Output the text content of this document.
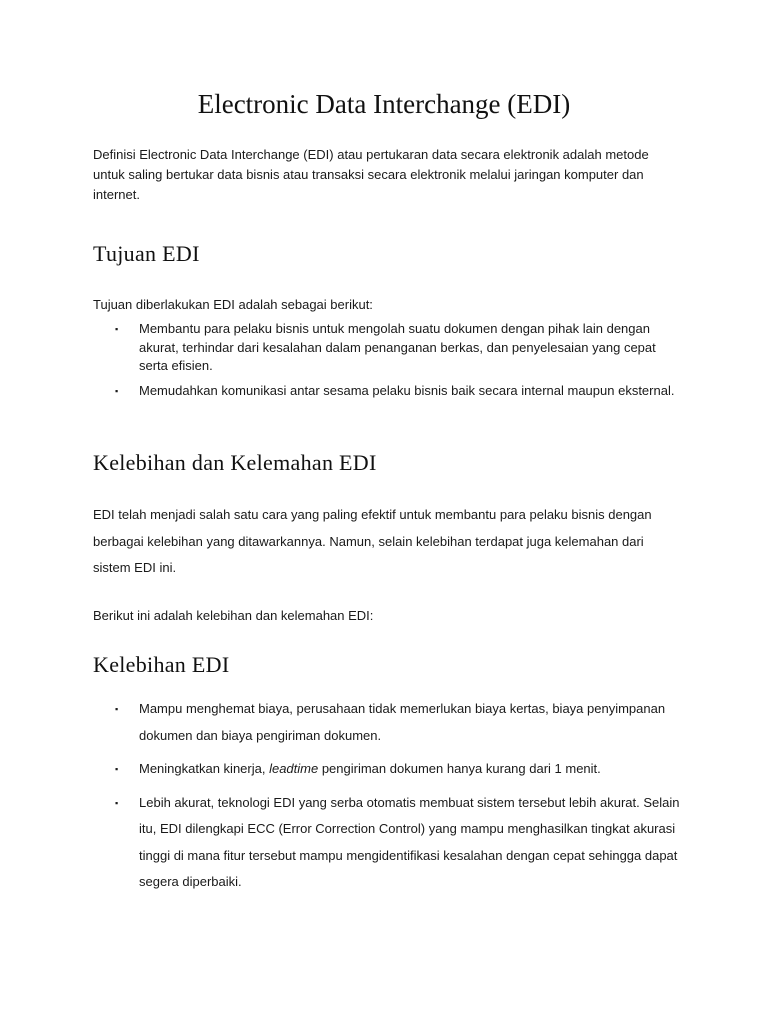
Electronic Data Interchange (EDI)

Definisi Electronic Data Interchange (EDI) atau pertukaran data secara elektronik adalah metode untuk saling bertukar data bisnis atau transaksi secara elektronik melalui jaringan komputer dan internet.

Tujuan EDI

Tujuan diberlakukan EDI adalah sebagai berikut:

▪ Membantu para pelaku bisnis untuk mengolah suatu dokumen dengan pihak lain dengan akurat, terhindar dari kesalahan dalam penanganan berkas, dan penyelesaian yang cepat serta efisien.
▪ Memudahkan komunikasi antar sesama pelaku bisnis baik secara internal maupun eksternal.
Kelebihan dan Kelemahan EDI

EDI telah menjadi salah satu cara yang paling efektif untuk membantu para pelaku bisnis dengan berbagai kelebihan yang ditawarkannya. Namun, selain kelebihan terdapat juga kelemahan dari sistem EDI ini.

Berikut ini adalah kelebihan dan kelemahan EDI:

Kelebihan EDI
▪ Mampu menghemat biaya, perusahaan tidak memerlukan biaya kertas, biaya penyimpanan dokumen dan biaya pengiriman dokumen.
▪ Meningkatkan kinerja, leadtime pengiriman dokumen hanya kurang dari 1 menit.
▪ Lebih akurat, teknologi EDI yang serba otomatis membuat sistem tersebut lebih akurat. Selain itu, EDI dilengkapi ECC (Error Correction Control) yang mampu menghasilkan tingkat akurasi tinggi di mana fitur tersebut mampu mengidentifikasi kesalahan dengan cepat sehingga dapat segera diperbaiki.
